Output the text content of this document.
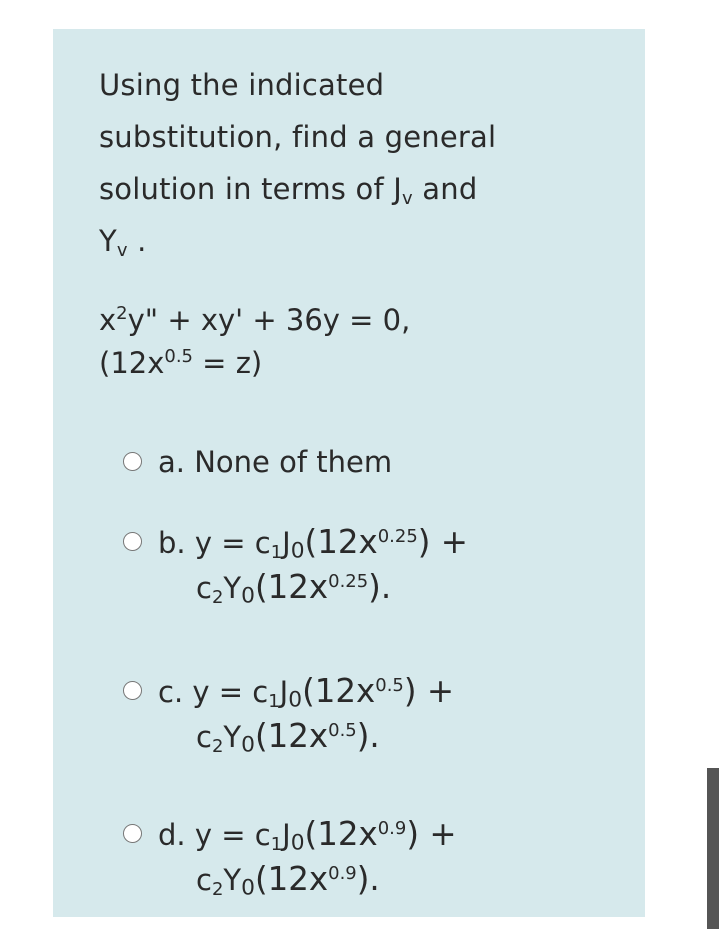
Using the indicated

substitution, find a general

solution in terms of $J_v$ and

$Y_v$ .

$x^2y$" + xy' + 36y = 0,
$(12x^{0.5} = z)$
a. None of them
b. $y = c_1J_0(12x^{0.25})$ +
$c_2Y_0(12x^{0.25})$.
c. $y = c_1J_0(12x^{0.5})$ +
$c_2Y_0(12x^{0.5})$.
d. $y = c_1J_0(12x^{0.9})$ +
$c_2Y_0(12x^{0.9})$.
